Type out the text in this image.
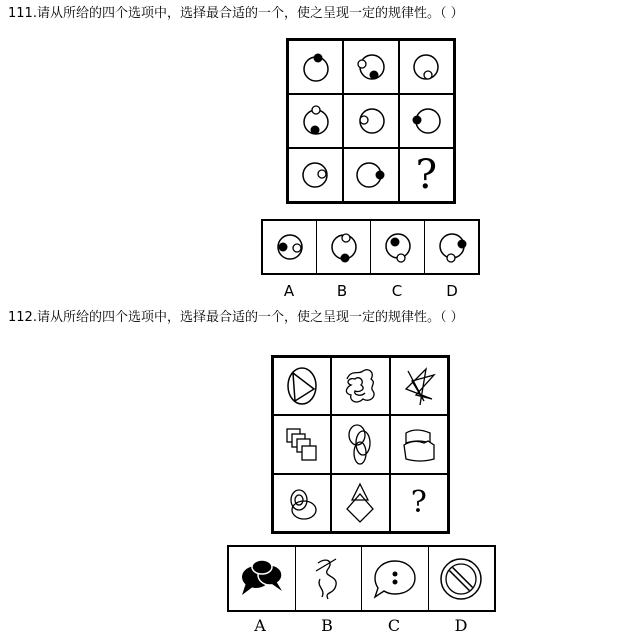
111.请从所给的四个选项中，选择最合适的一个，使之呈现一定的规律性。（ ）
?
A	B	C	D
112.请从所给的四个选项中，选择最合适的一个，使之呈现一定的规律性。（ ）
?
A	B	C	D
